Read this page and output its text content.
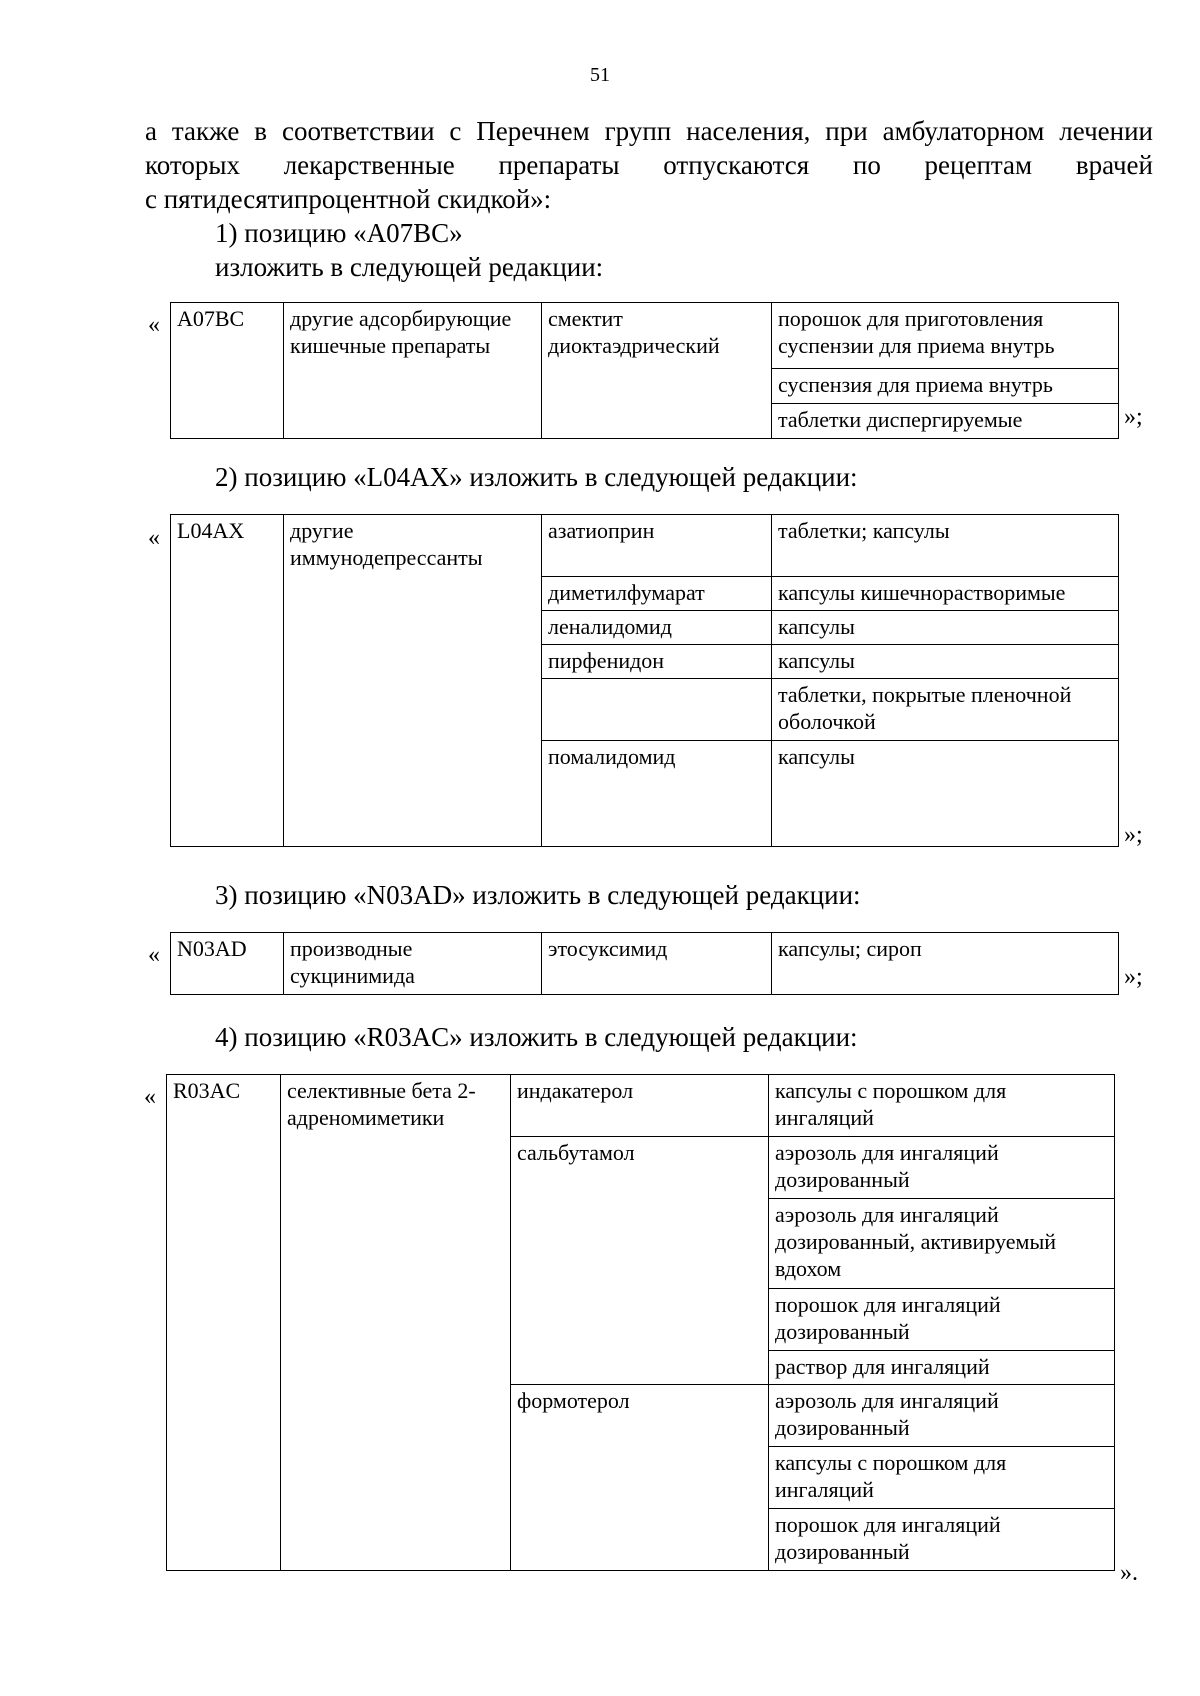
51
а также в соответствии с Перечнем групп населения, при амбулаторном лечении
которых лекарственные препараты отпускаются по рецептам врачей
с пятидесятипроцентной скидкой»:
1) позицию «A07BC»
изложить в следующей редакции:
« A07BC	другие адсорбирующие кишечные препараты	смектит диоктаэдрический	порошок для приготовления суспензии для приема внутрь
суспензия для приема внутрь
таблетки диспергируемые	»;
2) позицию «L04AX» изложить в следующей редакции:
L04AX	другие иммунодепрессанты	азатиоприн	таблетки; капсулы
		диметилфумарат	капсулы кишечнорастворимые
		леналидомид	капсулы
		пирфенидон	капсулы
			таблетки, покрытые пленочной оболочкой
		помалидомид	капсулы
«
»;
3) позицию «N03AD» изложить в следующей редакции:
N03AD	производные сукцинимида	этосуксимид	капсулы; сироп
«
»;
4) позицию «R03AC» изложить в следующей редакции:
R03AC	селективные бета 2-адреномиметики	индакатерол	капсулы с порошком для ингаляций
		сальбутамол	аэрозоль для ингаляций дозированный
			аэрозоль для ингаляций дозированный, активируемый вдохом
			порошок для ингаляций дозированный
			раствор для ингаляций
		формотерол	аэрозоль для ингаляций дозированный
			капсулы с порошком для ингаляций
			порошок для ингаляций дозированный
«
».
